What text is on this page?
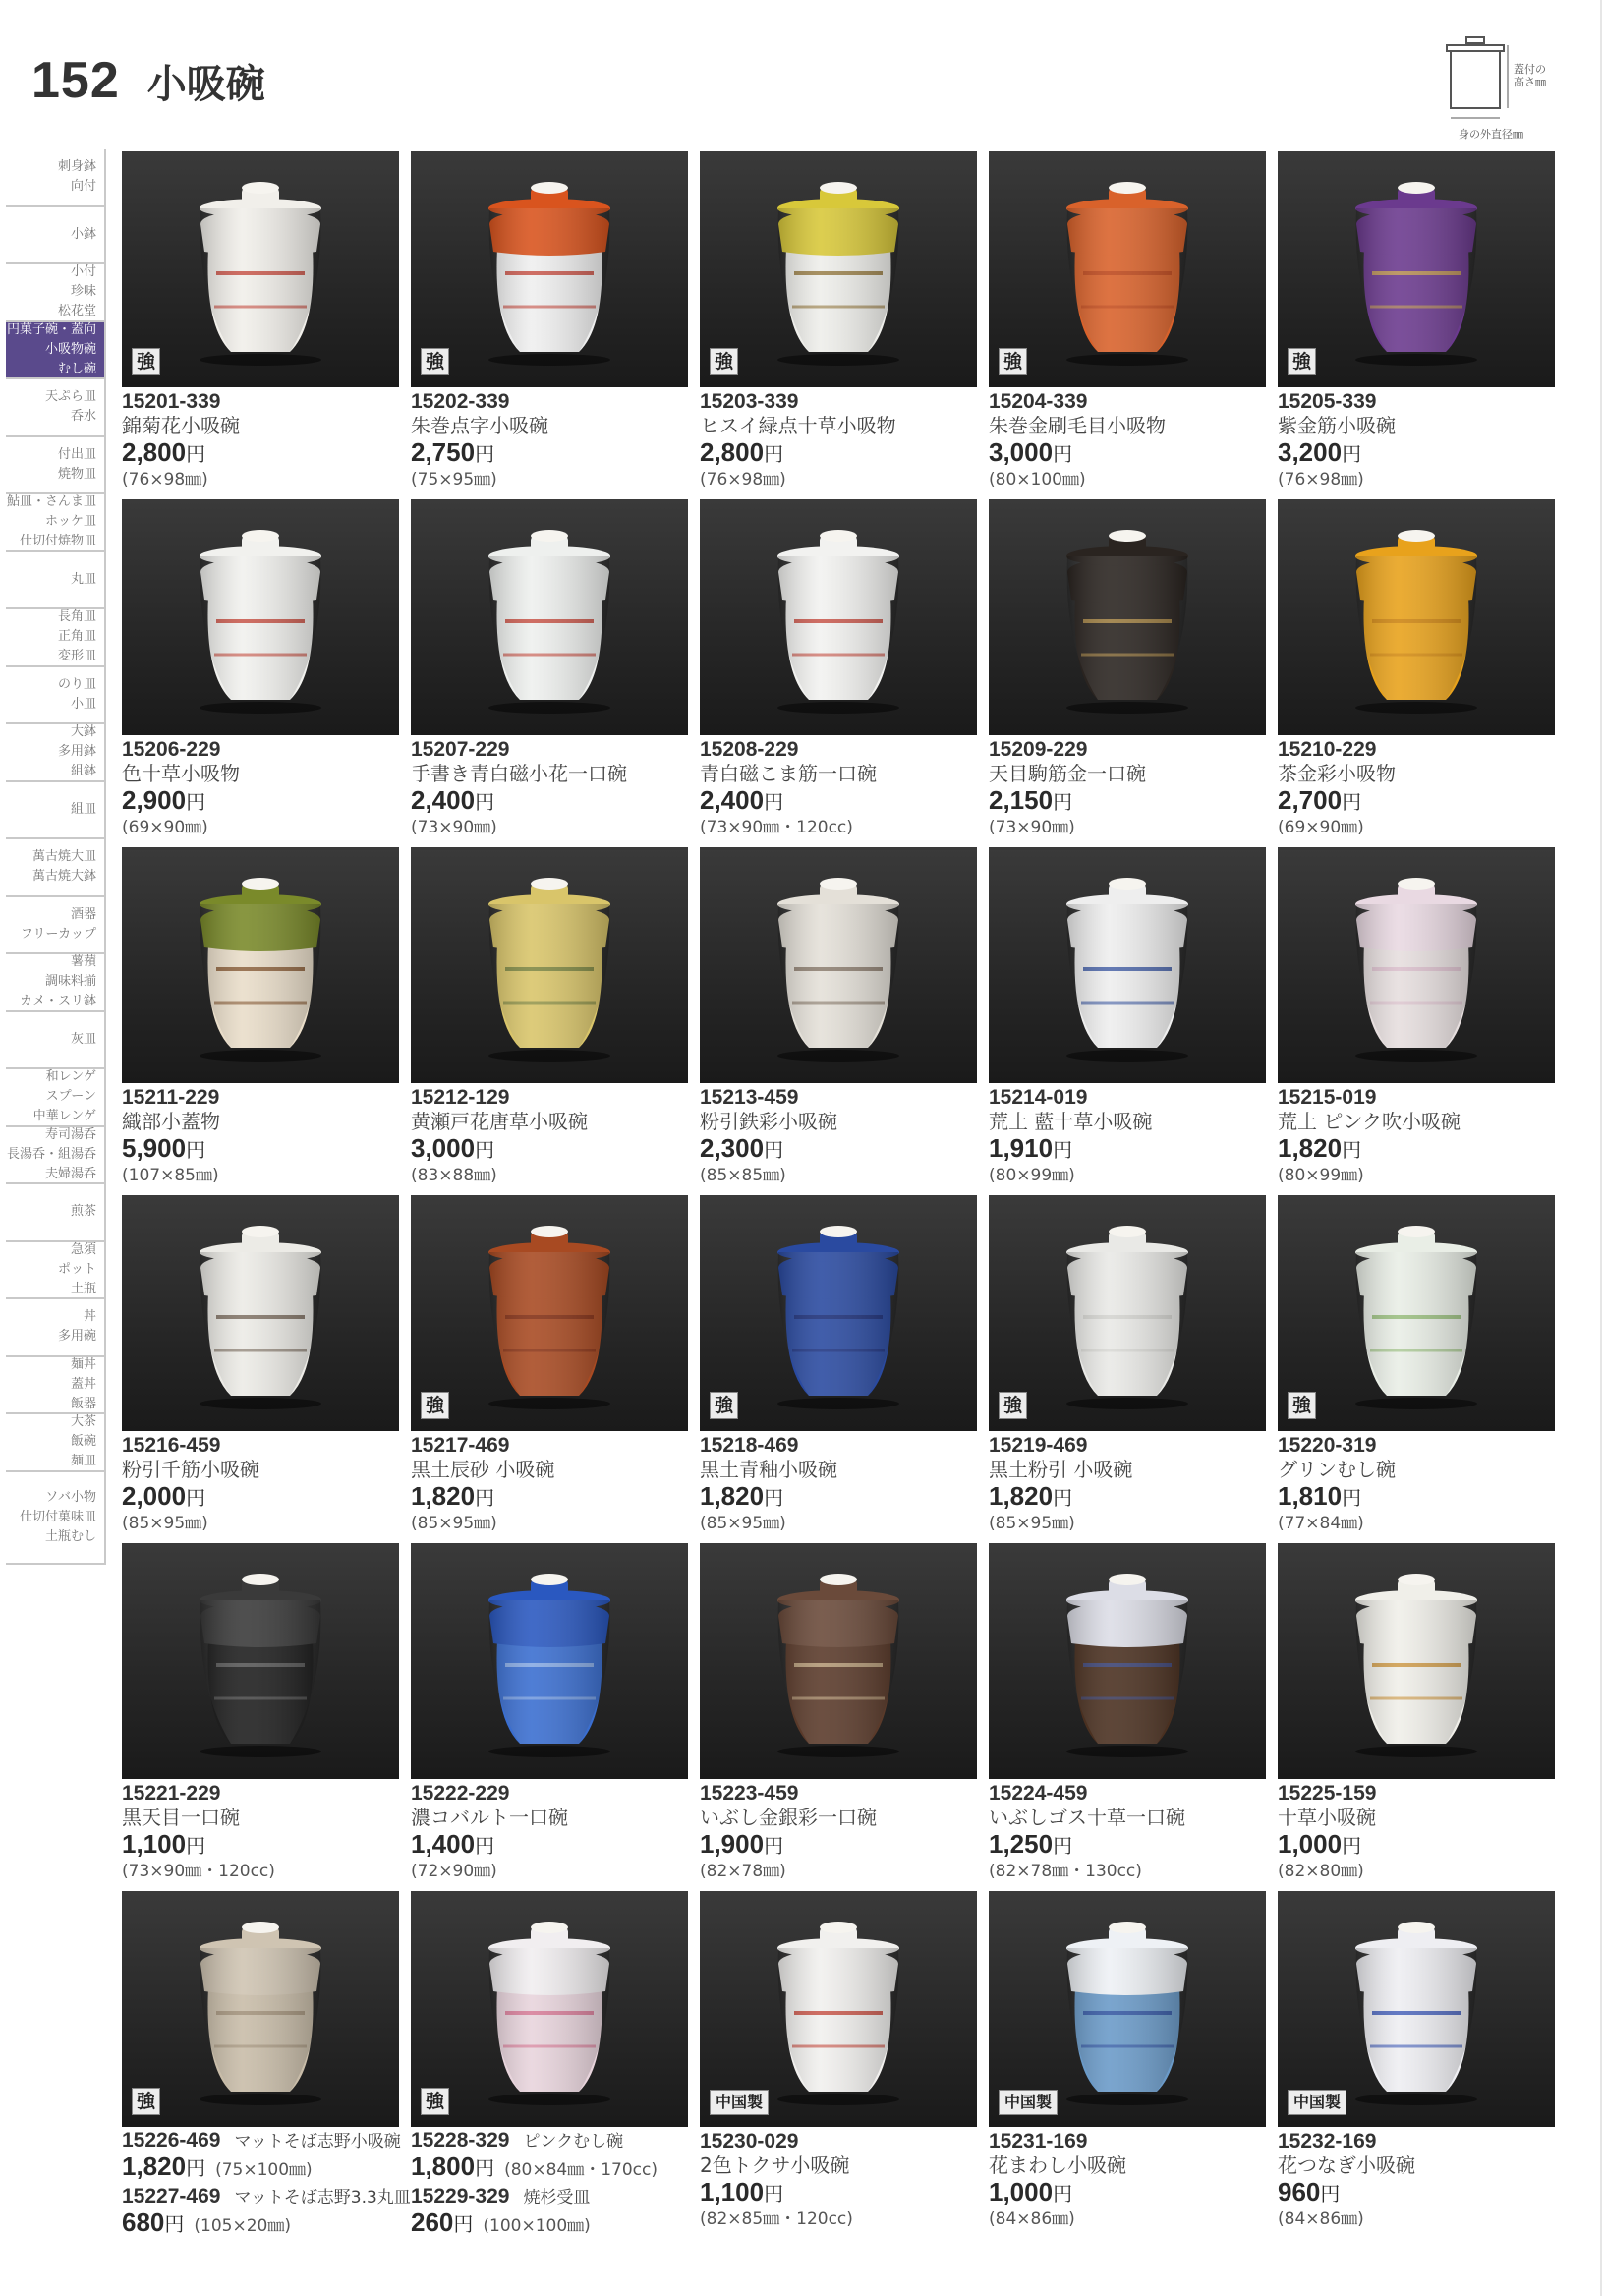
152 小吸碗	蓋付の
高さ㎜
身の外直径㎜
刺身鉢
向付
小鉢
小付
珍味
松花堂
円菓子碗・蓋向
小吸物碗
むし碗
天ぷら皿
呑水
付出皿
焼物皿
鮎皿・さんま皿
ホッケ皿
仕切付焼物皿
丸皿
長角皿
正角皿
変形皿
のり皿
小皿
大鉢
多用鉢
組鉢
組皿
萬古焼大皿
萬古焼大鉢
酒器
フリーカップ
薯蕷
調味料揃
カメ・スリ鉢
灰皿
和レンゲ
スプーン
中華レンゲ
寿司湯呑
長湯呑・組湯呑
夫婦湯呑
煎茶
急須
ポット
土瓶
丼
多用碗
麺丼
蓋丼
飯器
大茶
飯碗
麺皿
ソバ小物
仕切付菓味皿
土瓶むし
強
15201-339
錦菊花小吸碗
2,800円
(76×98㎜)
強
15202-339
朱巻点字小吸碗
2,750円
(75×95㎜)
強
15203-339
ヒスイ緑点十草小吸物
2,800円
(76×98㎜)
強
15204-339
朱巻金刷毛目小吸物
3,000円
(80×100㎜)
強
15205-339
紫金筋小吸碗
3,200円
(76×98㎜)
15206-229
色十草小吸物
2,900円
(69×90㎜)
15207-229
手書き青白磁小花一口碗
2,400円
(73×90㎜)
15208-229
青白磁こま筋一口碗
2,400円
(73×90㎜・120cc)
15209-229
天目駒筋金一口碗
2,150円
(73×90㎜)
15210-229
茶金彩小吸物
2,700円
(69×90㎜)
15211-229
織部小蓋物
5,900円
(107×85㎜)
15212-129
黄瀬戸花唐草小吸碗
3,000円
(83×88㎜)
15213-459
粉引鉄彩小吸碗
2,300円
(85×85㎜)
15214-019
荒土 藍十草小吸碗
1,910円
(80×99㎜)
15215-019
荒土 ピンク吹小吸碗
1,820円
(80×99㎜)
15216-459
粉引千筋小吸碗
2,000円
(85×95㎜)
強
15217-469
黒土辰砂 小吸碗
1,820円
(85×95㎜)
強
15218-469
黒土青釉小吸碗
1,820円
(85×95㎜)
強
15219-469
黒土粉引 小吸碗
1,820円
(85×95㎜)
強
15220-319
グリンむし碗
1,810円
(77×84㎜)
15221-229
黒天目一口碗
1,100円
(73×90㎜・120cc)
15222-229
濃コバルト一口碗
1,400円
(72×90㎜)
15223-459
いぶし金銀彩一口碗
1,900円
(82×78㎜)
15224-459
いぶしゴス十草一口碗
1,250円
(82×78㎜・130cc)
15225-159
十草小吸碗
1,000円
(82×80㎜)
中国製
15230-029
2色トクサ小吸碗
1,100円
(82×85㎜・120cc)
中国製
15231-169
花まわし小吸碗
1,000円
(84×86㎜)
中国製
15232-169
花つなぎ小吸碗
960円
(84×86㎜)
強
15226-469 マットそば志野小吸碗
1,820円 (75×100㎜)
15227-469 マットそば志野3.3丸皿
680円 (105×20㎜)
強
15228-329 ピンクむし碗
1,800円 (80×84㎜・170cc)
15229-329 焼杉受皿
260円 (100×100㎜)
